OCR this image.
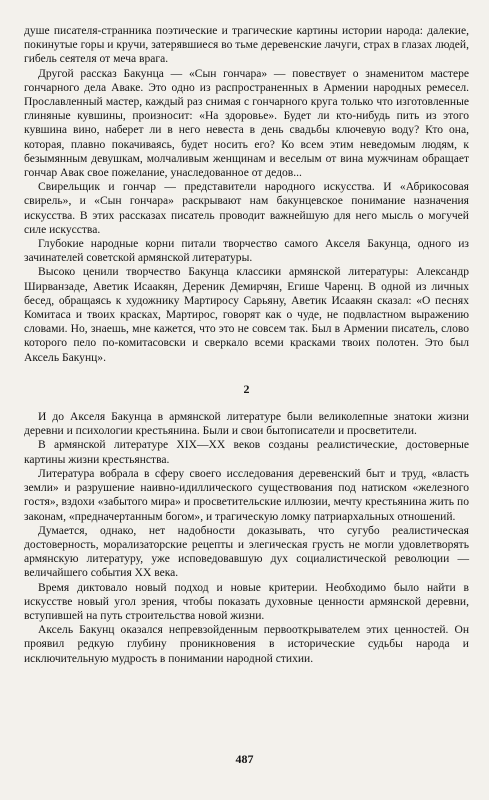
душе писателя-странника поэтические и трагические картины истории народа: далекие, покинутые горы и кручи, затерявшиеся во тьме деревенские лачуги, страх в глазах людей, гибель сеятеля от меча врага.

Другой рассказ Бакунца — «Сын гончара» — повествует о знаменитом мастере гончарного дела Аваке. Это одно из распространенных в Армении народных ремесел. Прославленный мастер, каждый раз снимая с гончарного круга только что изготовленные глиняные кувшины, произносит: «На здоровье». Будет ли кто-нибудь пить из этого кувшина вино, наберет ли в него невеста в день свадьбы ключевую воду? Кто она, которая, плавно покачиваясь, будет носить его? Ко всем этим неведомым людям, к безымянным девушкам, молчаливым женщинам и веселым от вина мужчинам обращает гончар Авак свое пожелание, унаследованное от дедов...

Свирельщик и гончар — представители народного искусства. И «Абрикосовая свирель», и «Сын гончара» раскрывают нам бакунцевское понимание назначения искусства. В этих рассказах писатель проводит важнейшую для него мысль о могучей силе искусства.

Глубокие народные корни питали творчество самого Акселя Бакунца, одного из зачинателей советской армянской литературы.

Высоко ценили творчество Бакунца классики армянской литературы: Александр Ширванзаде, Аветик Исаакян, Дереник Демирчян, Егише Чаренц. В одной из личных бесед, обращаясь к художнику Мартиросу Сарьяну, Аветик Исаакян сказал: «О песнях Комитаса и твоих красках, Мартирос, говорят как о чуде, не подвластном выражению словами. Но, знаешь, мне кажется, что это не совсем так. Был в Армении писатель, слово которого пело по-комитасовски и сверкало всеми красками твоих полотен. Это был Аксель Бакунц».

2

И до Акселя Бакунца в армянской литературе были великолепные знатоки жизни деревни и психологии крестьянина. Были и свои бытописатели и просветители.

В армянской литературе XIX—XX веков созданы реалистические, достоверные картины жизни крестьянства.

Литература вобрала в сферу своего исследования деревенский быт и труд, «власть земли» и разрушение наивно-идиллического существования под натиском «железного гостя», вздохи «забытого мира» и просветительские иллюзии, мечту крестьянина жить по законам, «предначертанным богом», и трагическую ломку патриархальных отношений.

Думается, однако, нет надобности доказывать, что сугубо реалистическая достоверность, морализаторские рецепты и элегическая грусть не могли удовлетворять армянскую литературу, уже исповедовавшую дух социалистической революции — величайшего события XX века.

Время диктовало новый подход и новые критерии. Необходимо было найти в искусстве новый угол зрения, чтобы показать духовные ценности армянской деревни, вступившей на путь строительства новой жизни.

Аксель Бакунц оказался непревзойденным первооткрывателем этих ценностей. Он проявил редкую глубину проникновения в исторические судьбы народа и исключительную мудрость в понимании народной стихии.

487
